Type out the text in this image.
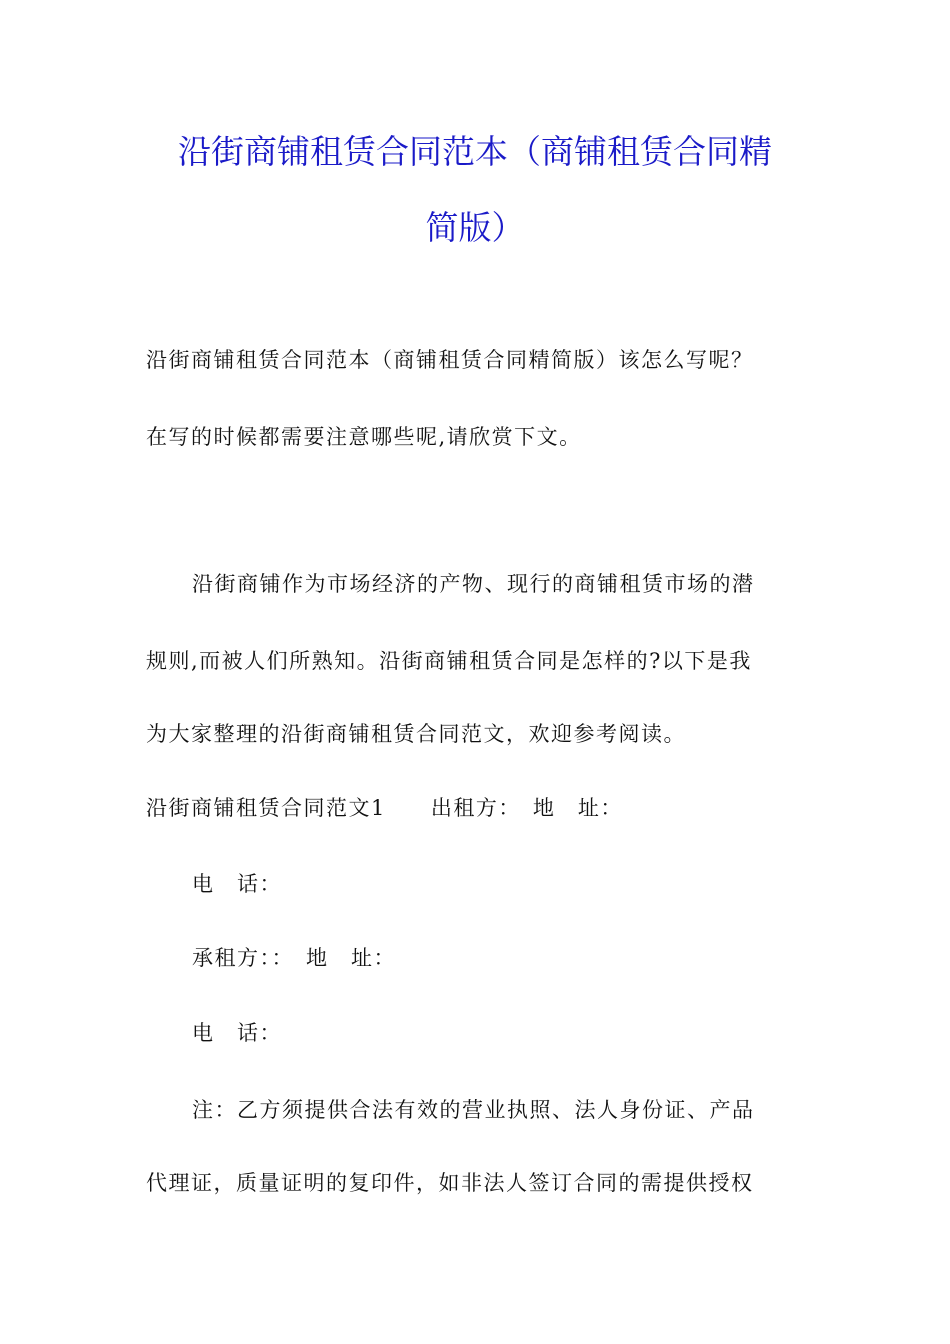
沿街商铺租赁合同范本（商铺租赁合同精
简版）
沿街商铺租赁合同范本（商铺租赁合同精简版）该怎么写呢？
在写的时候都需要注意哪些呢,请欣赏下文。
沿街商铺作为市场经济的产物、现行的商铺租赁市场的潜
规则,而被人们所熟知。沿街商铺租赁合同是怎样的?以下是我
为大家整理的沿街商铺租赁合同范文，欢迎参考阅读。
沿街商铺租赁合同范文1　　出租方：　地　址：
电　话：
承租方：：　地　址：
电　话：
注：乙方须提供合法有效的营业执照、法人身份证、产品
代理证，质量证明的复印件，如非法人签订合同的需提供授权
